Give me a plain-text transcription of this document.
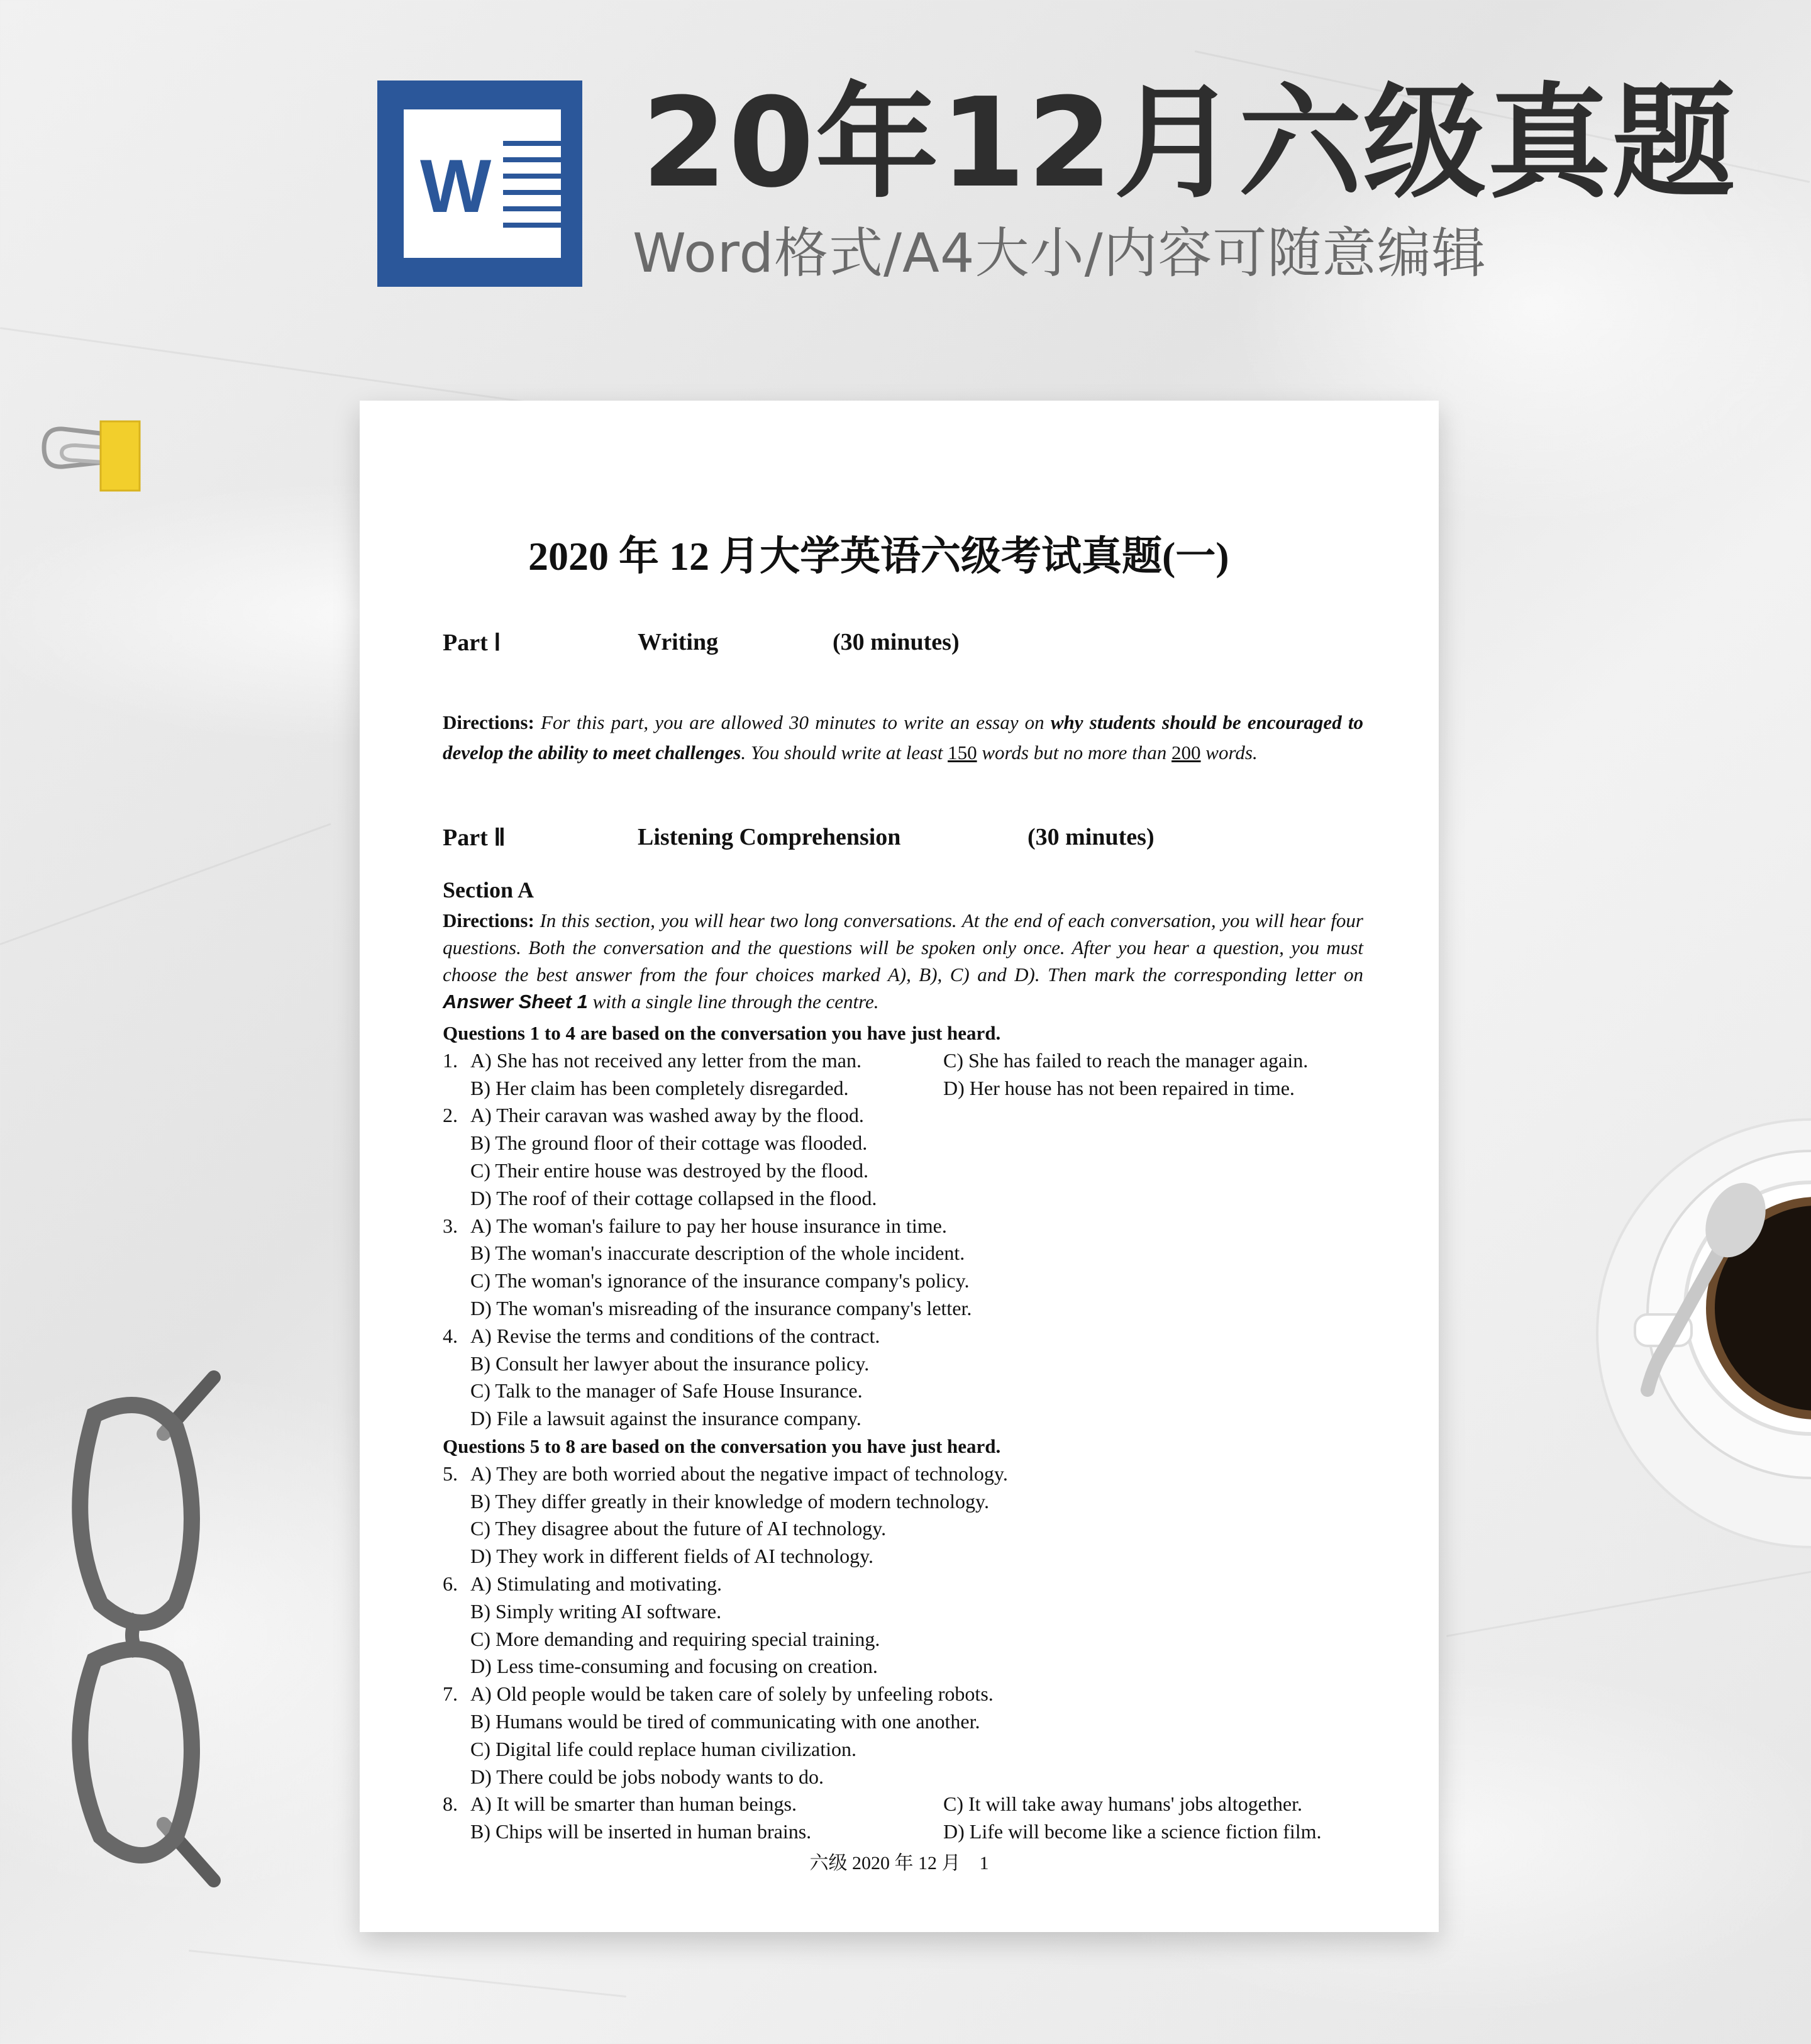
W 20年12月六级真题
Word格式/A4大小/内容可随意编辑
2020 年 12 月大学英语六级考试真题(一)
Part Ⅰ	Writing	(30 minutes)
Directions: For this part, you are allowed 30 minutes to write an essay on why students should be encouraged to develop the ability to meet challenges. You should write at least 150 words but no more than 200 words.
Part Ⅱ	Listening Comprehension	(30 minutes)
Section A
Directions: In this section, you will hear two long conversations. At the end of each conversation, you will hear four questions. Both the conversation and the questions will be spoken only once. After you hear a question, you must choose the best answer from the four choices marked A), B), C) and D). Then mark the corresponding letter on Answer Sheet 1 with a single line through the centre.
Questions 1 to 4 are based on the conversation you have just heard.
1. A) She has not received any letter from the man.	C) She has failed to reach the manager again.
B) Her claim has been completely disregarded.	D) Her house has not been repaired in time.
2. A) Their caravan was washed away by the flood.
B) The ground floor of their cottage was flooded.
C) Their entire house was destroyed by the flood.
D) The roof of their cottage collapsed in the flood.
3. A) The woman's failure to pay her house insurance in time.
B) The woman's inaccurate description of the whole incident.
C) The woman's ignorance of the insurance company's policy.
D) The woman's misreading of the insurance company's letter.
4. A) Revise the terms and conditions of the contract.
B) Consult her lawyer about the insurance policy.
C) Talk to the manager of Safe House Insurance.
D) File a lawsuit against the insurance company.
Questions 5 to 8 are based on the conversation you have just heard.
5. A) They are both worried about the negative impact of technology.
B) They differ greatly in their knowledge of modern technology.
C) They disagree about the future of AI technology.
D) They work in different fields of AI technology.
6. A) Stimulating and motivating.
B) Simply writing AI software.
C) More demanding and requiring special training.
D) Less time-consuming and focusing on creation.
7. A) Old people would be taken care of solely by unfeeling robots.
B) Humans would be tired of communicating with one another.
C) Digital life could replace human civilization.
D) There could be jobs nobody wants to do.
8. A) It will be smarter than human beings.	C) It will take away humans' jobs altogether.
B) Chips will be inserted in human brains.	D) Life will become like a science fiction film.
六级 2020 年 12 月　1
